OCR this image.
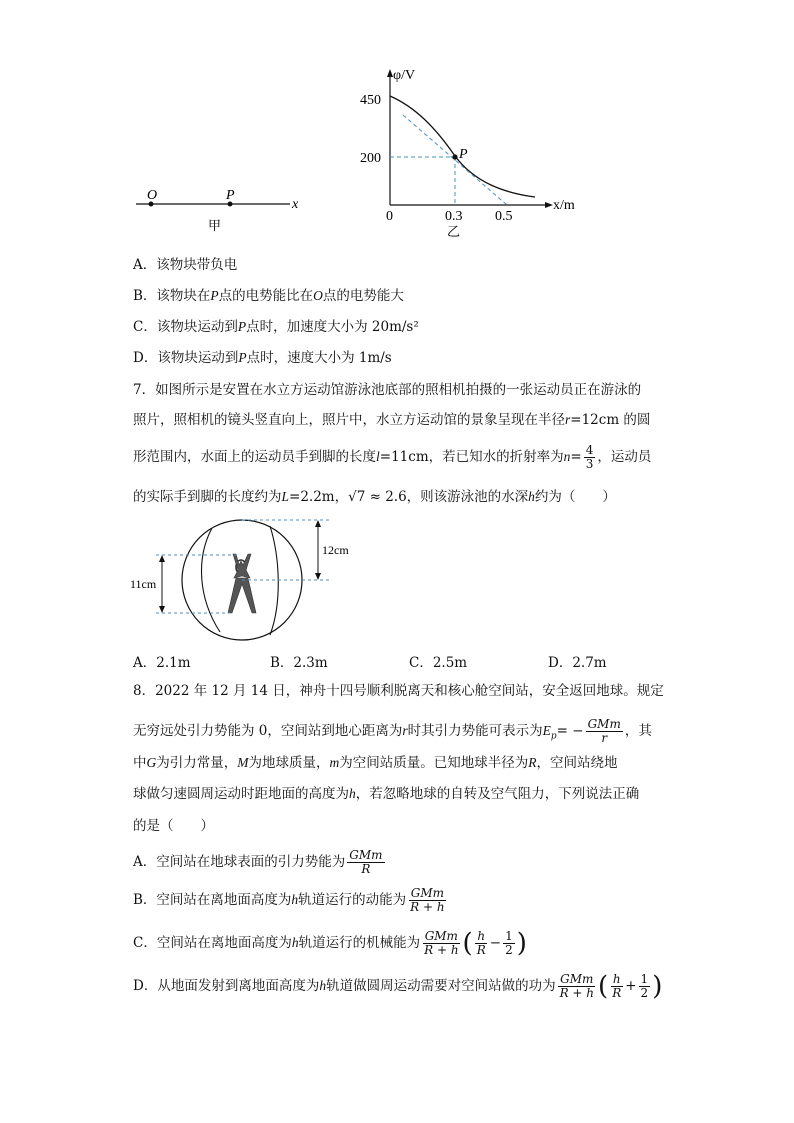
O	P
x
甲
φ/V
x/m
450
200
0	0.3 0.5
P
乙
A．该物块带负电
B．该物块在P点的电势能比在O点的电势能大
C．该物块运动到P点时，加速度大小为 20m/s²
D．该物块运动到P点时，速度大小为 1m/s
7．如图所示是安置在水立方运动馆游泳池底部的照相机拍摄的一张运动员正在游泳的
照片，照相机的镜头竖直向上，照片中，水立方运动馆的景象呈现在半径r=12cm 的圆
形范围内，水面上的运动员手到脚的长度l=11cm，若已知水的折射率为$n= \frac{4}{3}$ ，运动员
的实际手到脚的长度约为L=2.2m，√7 ≈ 2.6，则该游泳池的水深h约为（　　）
12cm
11cm
A．2.1m	B．2.3m	C．2.5m	D．2.7m
8．2022 年 12 月 14 日，神舟十四号顺利脱离天和核心舱空间站，安全返回地球。规定
无穷远处引力势能为 0，空间站到地心距离为r时其引力势能可表示为$E_p= - \frac{\text{GMm}}{r}$ ，其
中G为引力常量，M为地球质量，m为空间站质量。已知地球半径为R，空间站绕地
球做匀速圆周运动时距地面的高度为h，若忽略地球的自转及空气阻力，下列说法正确
的是（　　）
A．空间站在地球表面的引力势能为 $\frac{\text{GMm}}{R}$
B．空间站在离地面高度为h轨道运行的动能为 $\frac{\text{GMm}}{R + h}$
C．空间站在离地面高度为h轨道运行的机械能为 $\frac{\text{GMm}}{R + h}$ ( $\frac{h}{R} - \frac{1}{2}$ )
D．从地面发射到离地面高度为h轨道做圆周运动需要对空间站做的功为 $\frac{\text{GMm}}{R + h}$ ( $\frac{h}{R} + \frac{1}{2}$ )
